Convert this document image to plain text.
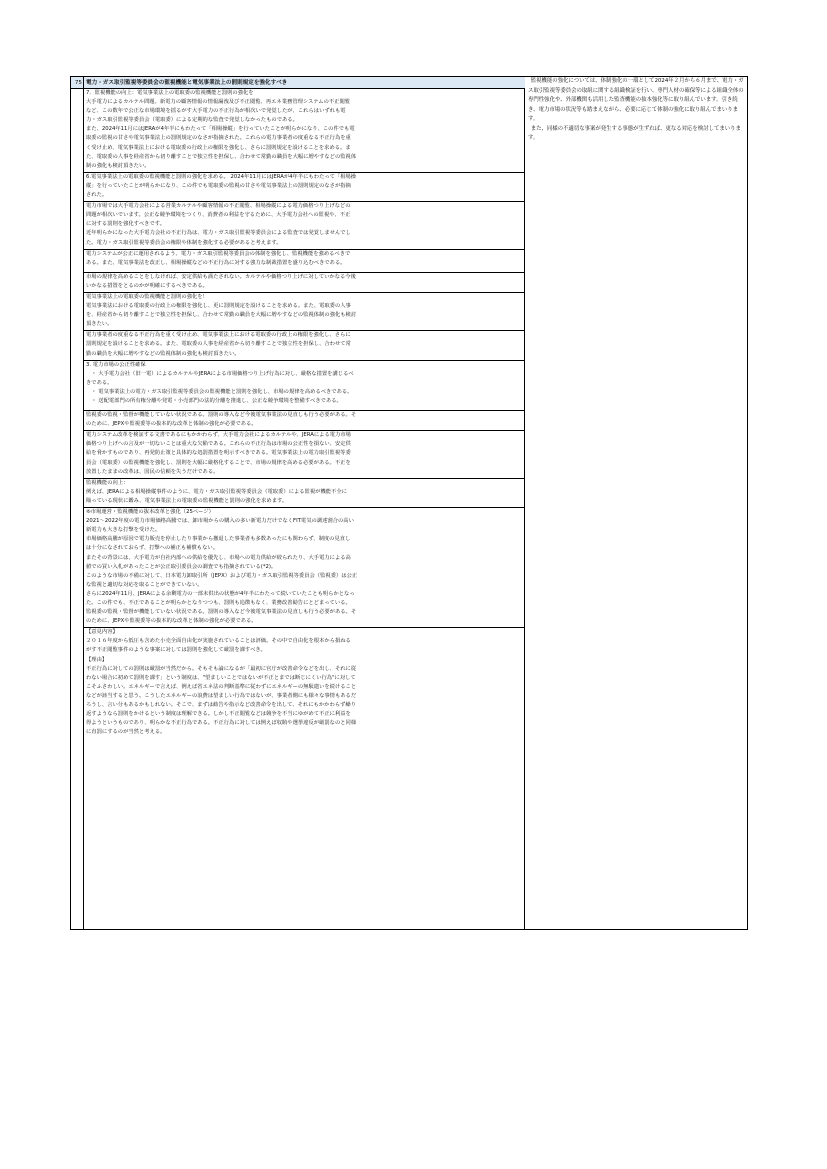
75 電力・ガス取引監視等委員会の監視機能と電気事業法上の罰則規定を強化すべき

7．監視機能の向上：電気事業法上の電取委の監視機能と罰則の強化を

大手電力によるカルテル問題、新電力の顧客情報の情報漏洩及び不正閲覧、再エネ業務管理システムの不正閲覧

など、この数年で公正な市場環境を揺るがす大手電力の不正行為が相次いで発覚したが、これらはいずれも電

力・ガス取引監視等委員会（電取委）による定期的な監査で発覚しなかったものである。

また、2024年11月にはJERAが4年半にもわたって「相場操縦」を行っていたことが明らかになり、この件でも電

取委の監視の甘さや電気事業法上の罰則規定のなさが指摘された。これらの電力事業者の度重なる不正行為を重

く受け止め、電気事業法上における電取委の行政上の権限を強化し、さらに罰則規定を設けることを求める。ま

た、電取委の人事を経産省から切り離すことで独立性を担保し、合わせて常勤の職員を大幅に増やすなどの監視体

制の強化も検討頂きたい。

6.電気事業法上の電取委の監視機能と罰則の強化を求める。 2024年11月にはJERAが4年半にもわたって「相場操

縦」を行っていたことが明らかになり、この件でも電取委の監視の甘さや電気事業法上の罰則規定のなさが指摘

された。

電力市場では大手電力会社による営業カルテルや顧客情報の不正閲覧、相場操縦による電力価格つり上げなどの

問題が相次いでいます。公正な競争環境をつくり、消費者の利益を守るために、大手電力会社への監視や、不正

に対する罰則を強化すべきです。

近年明らかになった大手電力会社の不正行為は、電力・ガス取引監視等委員会による監査では発覚しませんでし

た。電力・ガス取引監視等委員会の権限や体制を強化する必要があると考えます。

電力システムが公正に運用されるよう、電力・ガス取引監視等委員会の体制を強化し、監視機能を強めるべきで

ある。また、電気事業法を改正し、相場操縦などの不正行為に対する強力な制裁措置を盛り込むべきである。

市場の規律を高めることをしなければ、安定供給も満たされない。カルテルや価格つり上げに対していかなる今後

いかなる措置をとるのかが明確にするべきである。

電気事業法上の電取委の監視機能と罰則の強化を！

電気事業法における電取委の行政上の権限を強化し、更に罰則規定を設けることを求める。また、電取委の人事

を、経産省から切り離すことで独立性を担保し、合わせて常勤の職員を大幅に増やすなどの監視体制の強化も検討

頂きたい。

電力事業者の度重なる不正行為を重く受け止め、電気事業法上における電取委の行政上の権限を強化し、さらに

罰則規定を設けることを求める。また、電取委の人事を経産省から切り離すことで独立性を担保し、合わせて常

勤の職員を大幅に増やすなどの監視体制の強化も検討頂きたい。

3. 電力市場の公正性確保

　・ 大手電力会社（旧一電）によるカルテルやJERAによる市場価格つり上げ行為に対し、厳格な措置を講じるべ

きである。

　・ 電気事業法上の電力・ガス取引監視等委員会の監視機能と罰則を強化し、市場の規律を高めるべきである。

　・ 送配電部門の所有権分離や発電・小売部門の法的分離を推進し、公正な競争環境を整備すべきである。

監視委の監視・監督が機能していない状況である。罰則の導入など今後電気事業法の見直しも行う必要がある。そ

のために、JEPXや監視委等の抜本的な改革と体制の強化が必要である。

電力システム改革を検証する文書であるにもかかわらず、大手電力会社によるカルテルや、JERAによる電力市場

価格つり上げへの言及が一切ないことは重大な欠陥である。これらの不正行為は市場の公正性を損ない、安定供

給を脅かすものであり、再発防止策と具体的な処罰措置を明示すべきである。電気事業法上の電力取引監視等委

員会（電取委）の監視機能を強化し、罰則を大幅に厳格化することで、市場の規律を高める必要がある。不正を

放置したままの改革は、国民の信頼を失うだけである。

監視機能の向上：

例えば、JERAによる相場操縦事件のように、電力・ガス取引監視等委員会（電取委）による監視が機能不全に

陥っている現状に鑑み、電気事業法上の電取委の監視機能と罰則の強化を求めます。

⑥市場運営・監視機能の抜本改革と強化（25ページ）

2021～2022年度の電力市場価格高騰では、卸市場からの購入の多い新電力だけでなくFIT電気の調達割合の高い

新電力も大きな打撃を受けた。

市場価格高騰が原因で電力販売を停止したり事業から撤退した事業者も多数あったにも関わらず、制度の見直し

は十分になされておらず、打撃への補正も補償もない。

またその背景には、大手電力が自社内部への供給を優先し、市場への電力供給が絞られたり、大手電力による高

値での買い入札があったことが公正取引委員会の調査でも指摘されている(*2)。

このような市場の不備に対して、日本電力卸取引所（JEPX）および電力・ガス取引監視等委員会（監視委）は公正

な監視と適切な対応を取ることができていない。

さらに2024年11月、JERAによる余剰電力の一部未供出の状態が4年半にわたって続いていたことも明らかとなっ

た。この件でも、不正であることが明らかとなりつつも、罰則も追徴もなく、業務改善勧告にとどまっている。

監視委の監視・監督が機能していない状況である。罰則の導入など今後電気事業法の見直しも行う必要がある。そ

のために、JEPXや監視委等の抜本的な改革と体制の強化が必要である。

【意見内容】

２０１６年度から低圧も含めた小売全面自由化が実施されていることは評価。その中で自由化を根本から損ねる

がす不正閲覧事件のような事案に対しては罰則を強化して厳罰を課すべき。

【理由】

不正行為に対しての罰則は厳罰が当然だから。そもそも論になるが「最初に官庁が改善命令などを出し、それに従

わない場合に初めて罰則を課す」という制度は、"望ましいことではないが不正とまでは断じにくい行為"に対して

こそふさわしい。エネルギーで言えば、例えば省エネ法の判断基準に従わずにエネルギーの無駄遣いを続けること

などが該当すると思う。こうしたエネルギーの浪費は望ましい行為ではないが、事業者側にも様々な事情もあるだ

ろうし、言い分もあるかもしれない。そこで、まずは勧告や指示など改善命令を出して、それにもかかわらず繰り

返すようなら罰則をかけるという制度は理解できる。しかし不正閲覧などは競争を不当にゆがめて不正に利益を

得ようというものであり、明らかな不正行為である。不正行為に対しては例えば収賄や選挙違反が厳罰なのと同様

に直罰にするのが当然と考える。

監視機能の強化については、体制強化の一環として2024年２月から６月まで、電力・ガス取引監視等委員会の取組に関する組織検証を行い、専門人材の確保等による組織全体の専門性強化や、外部機関も活用した監査機能の抜本強化等に取り組んでいます。引き続き、電力市場の状況等も踏まえながら、必要に応じて体制の強化に取り組んでまいります。

また、同様の不適切な事案が発生する事態が生ずれば、更なる対応を検討してまいります。
